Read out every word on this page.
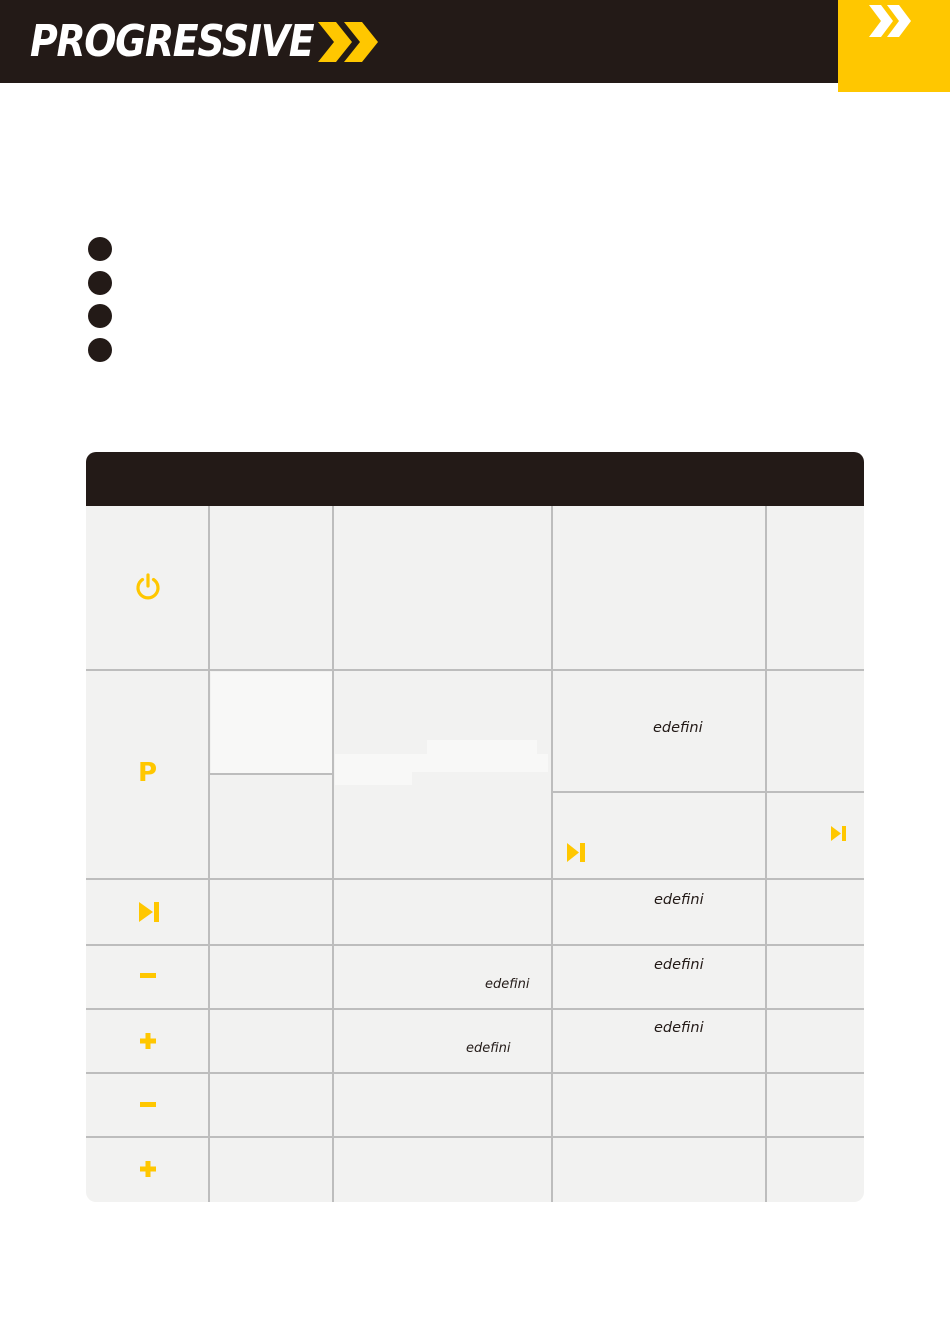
PROGRESSIVE
P
edefini
edefini
edefini
edefini
edefini
edefini
